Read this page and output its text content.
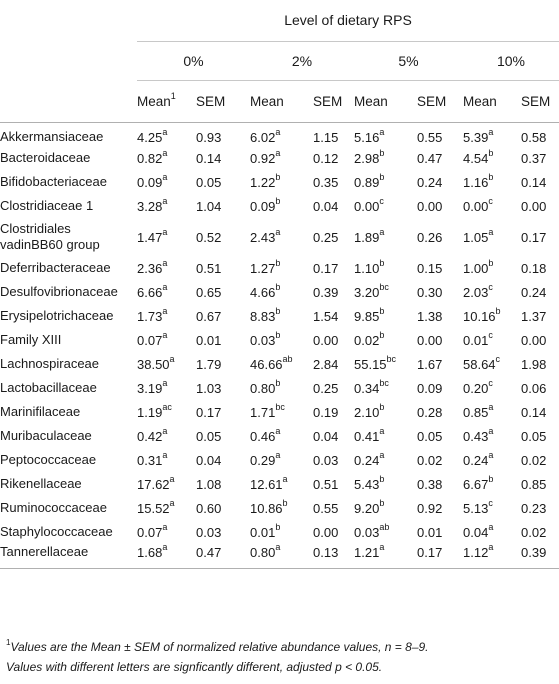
	Level of dietary RPS							
	0%		2%		5%		10%	
	Mean$^1$	SEM	Mean	SEM	Mean	SEM	Mean	SEM
Akkermansiaceae	4.25$^a$	0.93	6.02$^a$	1.15	5.16$^a$	0.55	5.39$^a$	0.58
Bacteroidaceae	0.82$^a$	0.14	0.92$^a$	0.12	2.98$^b$	0.47	4.54$^b$	0.37
Bifidobacteriaceae	0.09$^a$	0.05	1.22$^b$	0.35	0.89$^b$	0.24	1.16$^b$	0.14
Clostridiaceae 1	3.28$^a$	1.04	0.09$^b$	0.04	0.00$^c$	0.00	0.00$^c$	0.00
Clostridiales
vadinBB60 group	1.47$^a$	0.52	2.43$^a$	0.25	1.89$^a$	0.26	1.05$^a$	0.17
Deferribacteraceae	2.36$^a$	0.51	1.27$^b$	0.17	1.10$^b$	0.15	1.00$^b$	0.18
Desulfovibrionaceae	6.66$^a$	0.65	4.66$^b$	0.39	3.20$^{bc}$	0.30	2.03$^c$	0.24
Erysipelotrichaceae	1.73$^a$	0.67	8.83$^b$	1.54	9.85$^b$	1.38	10.16$^b$	1.37
Family XIII	0.07$^a$	0.01	0.03$^b$	0.00	0.02$^b$	0.00	0.01$^c$	0.00
Lachnospiraceae	38.50$^a$	1.79	46.66$^{ab}$	2.84	55.15$^{bc}$	1.67	58.64$^c$	1.98
Lactobacillaceae	3.19$^a$	1.03	0.80$^b$	0.25	0.34$^{bc}$	0.09	0.20$^c$	0.06
Marinifilaceae	1.19$^{ac}$	0.17	1.71$^{bc}$	0.19	2.10$^b$	0.28	0.85$^a$	0.14
Muribaculaceae	0.42$^a$	0.05	0.46$^a$	0.04	0.41$^a$	0.05	0.43$^a$	0.05
Peptococcaceae	0.31$^a$	0.04	0.29$^a$	0.03	0.24$^a$	0.02	0.24$^a$	0.02
Rikenellaceae	17.62$^a$	1.08	12.61$^a$	0.51	5.43$^b$	0.38	6.67$^b$	0.85
Ruminococcaceae	15.52$^a$	0.60	10.86$^b$	0.55	9.20$^b$	0.92	5.13$^c$	0.23
Staphylococcaceae	0.07$^a$	0.03	0.01$^b$	0.00	0.03$^{ab}$	0.01	0.04$^a$	0.02
Tannerellaceae	1.68$^a$	0.47	0.80$^a$	0.13	1.21$^a$	0.17	1.12$^a$	0.39
$^1$Values are the Mean ± SEM of normalized relative abundance values, n = 8–9.
Values with different letters are signficantly different, adjusted p < 0.05.
